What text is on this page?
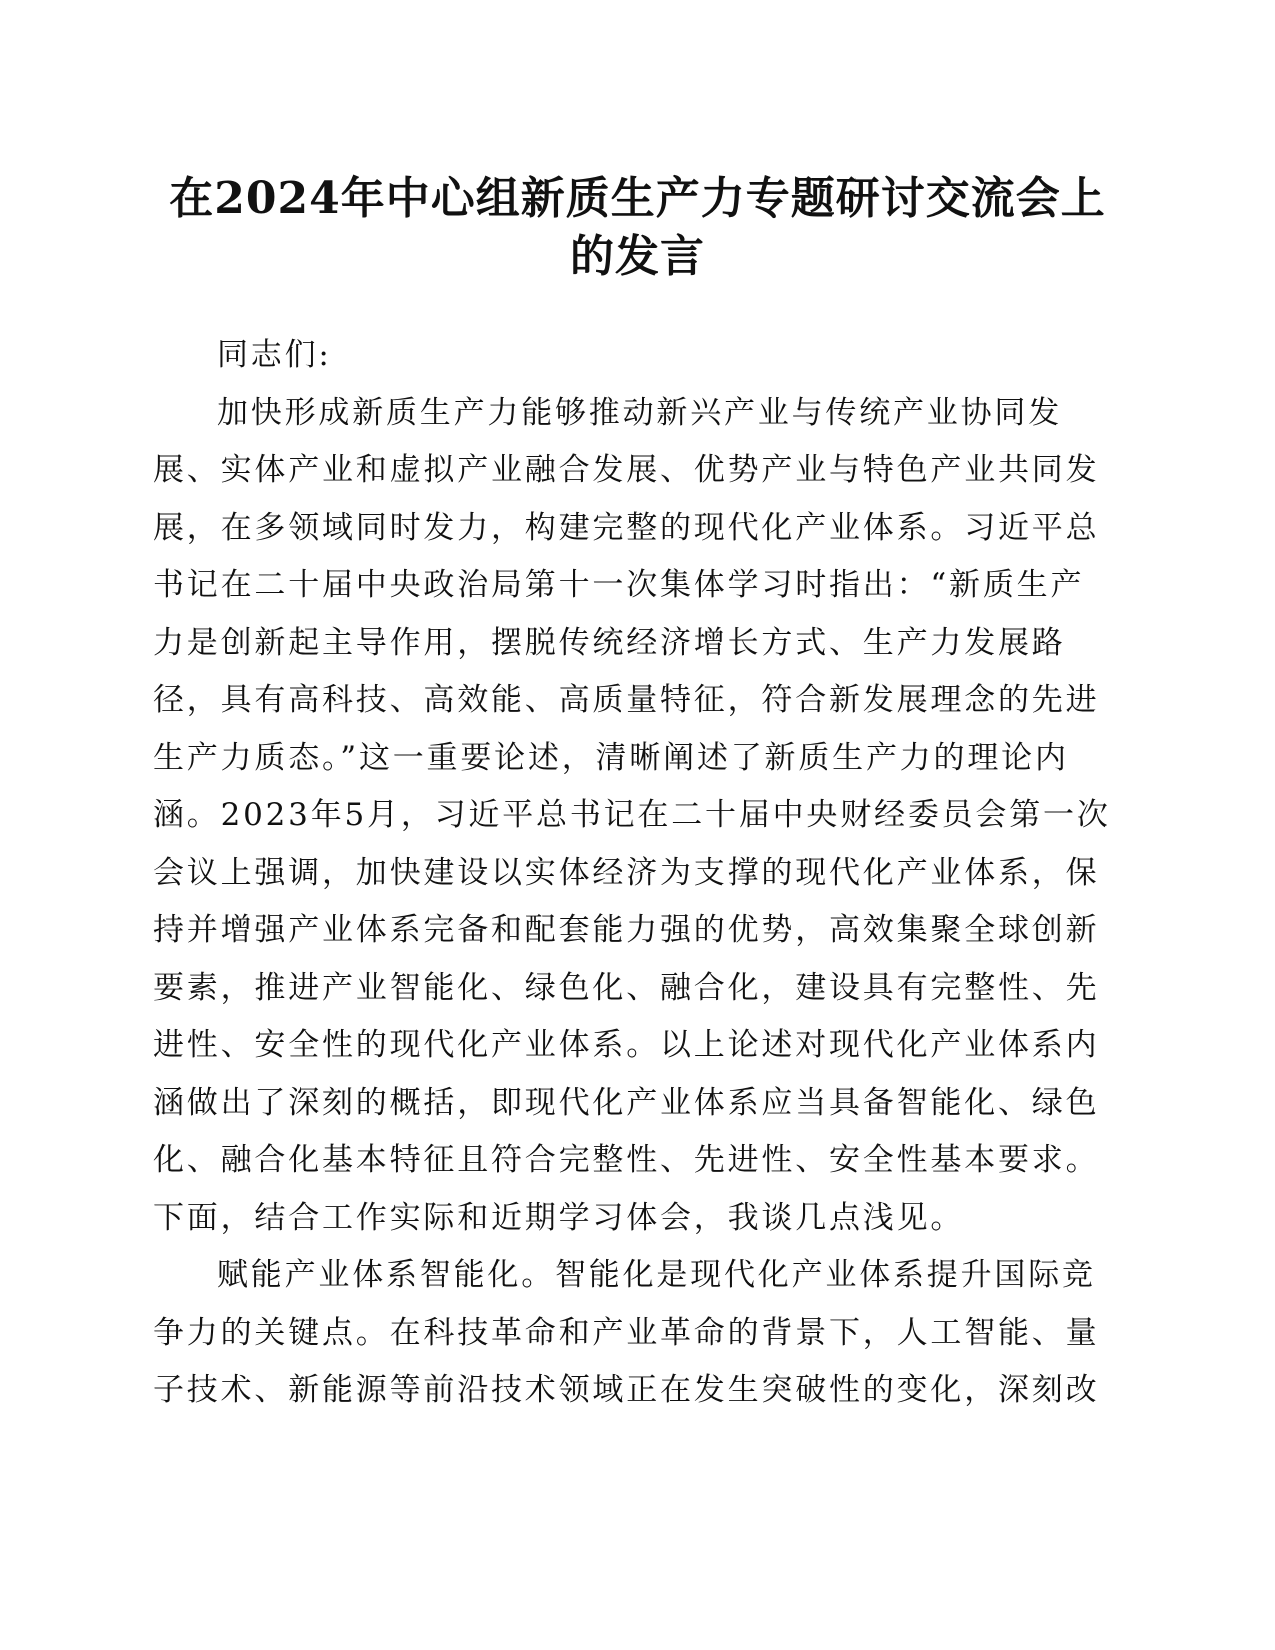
在2024年中心组新质生产力专题研讨交流会上
的发言
同志们:
加快形成新质生产力能够推动新兴产业与传统产业协同发
展、实体产业和虚拟产业融合发展、优势产业与特色产业共同发
展，在多领域同时发力，构建完整的现代化产业体系。习近平总
书记在二十届中央政治局第十一次集体学习时指出：“新质生产
力是创新起主导作用，摆脱传统经济增长方式、生产力发展路
径，具有高科技、高效能、高质量特征，符合新发展理念的先进
生产力质态。”这一重要论述，清晰阐述了新质生产力的理论内
涵。2023年5月，习近平总书记在二十届中央财经委员会第一次
会议上强调，加快建设以实体经济为支撑的现代化产业体系，保
持并增强产业体系完备和配套能力强的优势，高效集聚全球创新
要素，推进产业智能化、绿色化、融合化，建设具有完整性、先
进性、安全性的现代化产业体系。以上论述对现代化产业体系内
涵做出了深刻的概括，即现代化产业体系应当具备智能化、绿色
化、融合化基本特征且符合完整性、先进性、安全性基本要求。
下面，结合工作实际和近期学习体会，我谈几点浅见。
赋能产业体系智能化。智能化是现代化产业体系提升国际竞
争力的关键点。在科技革命和产业革命的背景下，人工智能、量
子技术、新能源等前沿技术领域正在发生突破性的变化，深刻改
